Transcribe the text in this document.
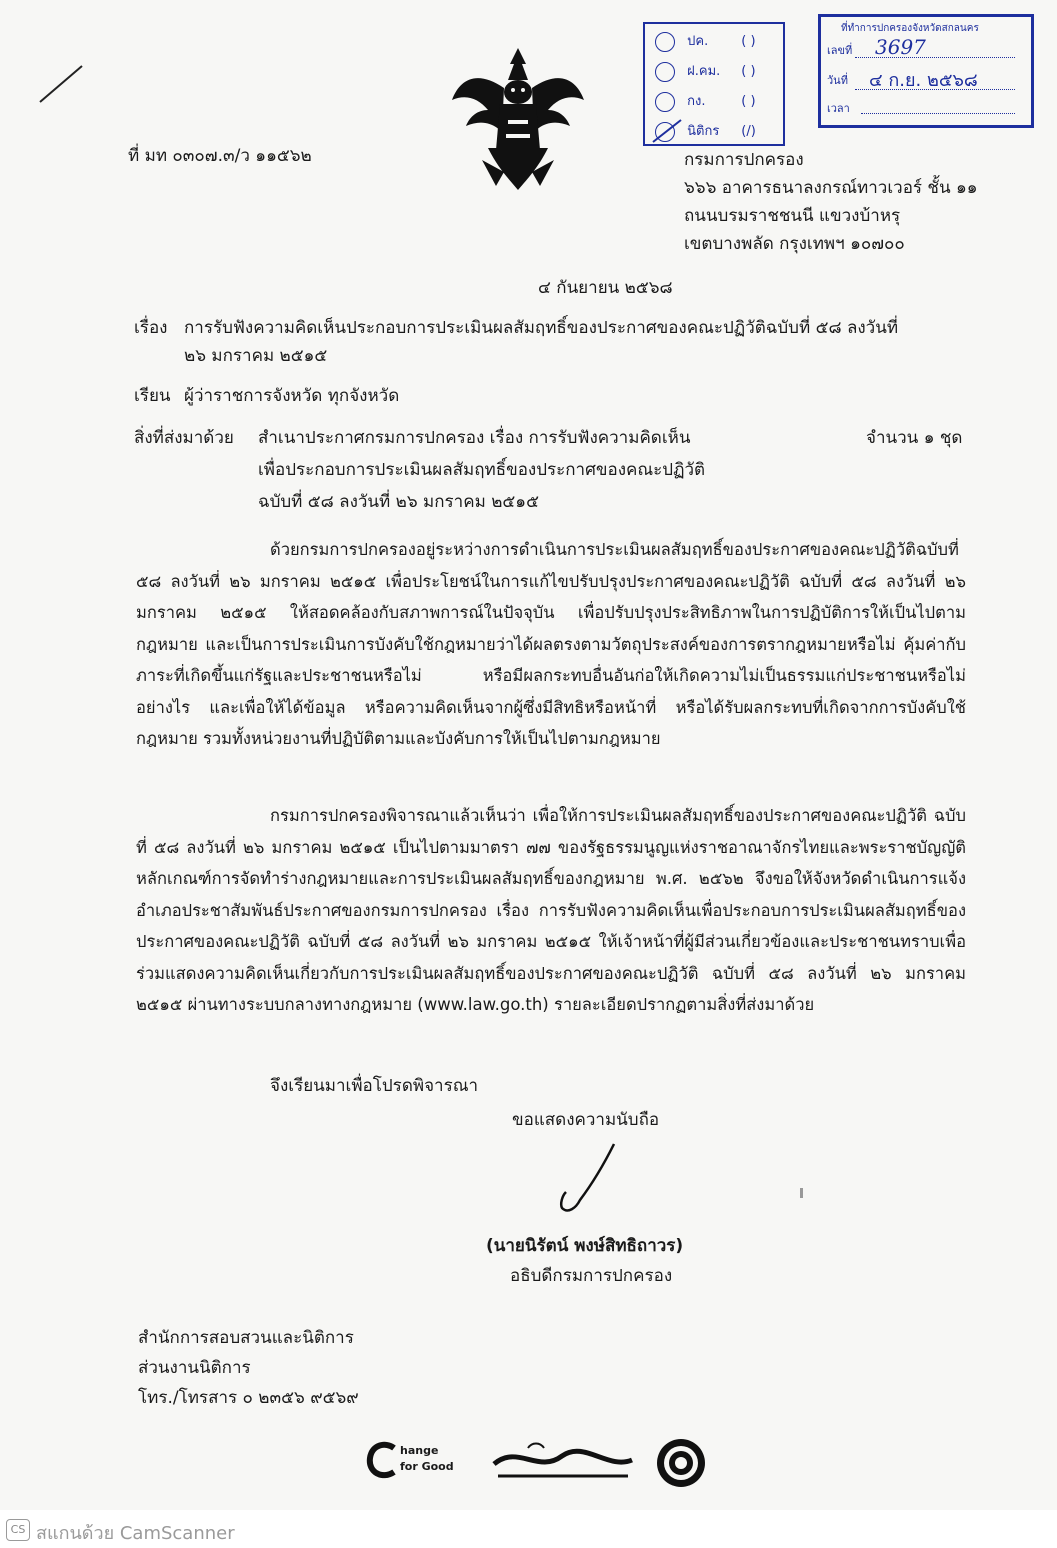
ปค.	( )
ฝ.คม. ( )
กง.	( )
นิติกร (/)
ที่ทำการปกครองจังหวัดสกลนคร
เลขที่ 3697
วันที่ ๔ ก.ย. ๒๕๖๘
เวลา
ที่ มท ๐๓๐๗.๓/ว ๑๑๕๖๒	กรมการปกครอง
๖๖๖ อาคารธนาลงกรณ์ทาวเวอร์ ชั้น ๑๑
ถนนบรมราชชนนี แขวงบ้าหรุ
เขตบางพลัด กรุงเทพฯ ๑๐๗๐๐
๔ กันยายน ๒๕๖๘
เรื่อง การรับฟังความคิดเห็นประกอบการประเมินผลสัมฤทธิ์ของประกาศของคณะปฏิวัติฉบับที่ ๕๘ ลงวันที่
๒๖ มกราคม ๒๕๑๕
เรียน ผู้ว่าราชการจังหวัด ทุกจังหวัด
สิ่งที่ส่งมาด้วย สำเนาประกาศกรมการปกครอง เรื่อง การรับฟังความคิดเห็น
เพื่อประกอบการประเมินผลสัมฤทธิ์ของประกาศของคณะปฏิวัติ
ฉบับที่ ๕๘ ลงวันที่ ๒๖ มกราคม ๒๕๑๕
จำนวน ๑ ชุด

ด้วยกรมการปกครองอยู่ระหว่างการดำเนินการประเมินผลสัมฤทธิ์ของประกาศของคณะปฏิวัติฉบับที่ ๕๘ ลงวันที่ ๒๖ มกราคม ๒๕๑๕ เพื่อประโยชน์ในการแก้ไขปรับปรุงประกาศของคณะปฏิวัติ ฉบับที่ ๕๘ ลงวันที่ ๒๖ มกราคม ๒๕๑๕ ให้สอดคล้องกับสภาพการณ์ในปัจจุบัน เพื่อปรับปรุงประสิทธิภาพในการปฏิบัติการให้เป็นไปตามกฎหมาย และเป็นการประเมินการบังคับใช้กฎหมายว่าได้ผลตรงตามวัตถุประสงค์ของการตรากฎหมายหรือไม่ คุ้มค่ากับภาระที่เกิดขึ้นแก่รัฐและประชาชนหรือไม่ หรือมีผลกระทบอื่นอันก่อให้เกิดความไม่เป็นธรรมแก่ประชาชนหรือไม่ อย่างไร และเพื่อให้ได้ข้อมูล หรือความคิดเห็นจากผู้ซึ่งมีสิทธิหรือหน้าที่ หรือได้รับผลกระทบที่เกิดจากการบังคับใช้กฎหมาย รวมทั้งหน่วยงานที่ปฏิบัติตามและบังคับการให้เป็นไปตามกฎหมาย

กรมการปกครองพิจารณาแล้วเห็นว่า เพื่อให้การประเมินผลสัมฤทธิ์ของประกาศของคณะปฏิวัติ ฉบับที่ ๕๘ ลงวันที่ ๒๖ มกราคม ๒๕๑๕ เป็นไปตามมาตรา ๗๗ ของรัฐธรรมนูญแห่งราชอาณาจักรไทยและพระราชบัญญัติหลักเกณฑ์การจัดทำร่างกฎหมายและการประเมินผลสัมฤทธิ์ของกฎหมาย พ.ศ. ๒๕๖๒ จึงขอให้จังหวัดดำเนินการแจ้งอำเภอประชาสัมพันธ์ประกาศของกรมการปกครอง เรื่อง การรับฟังความคิดเห็นเพื่อประกอบการประเมินผลสัมฤทธิ์ของประกาศของคณะปฏิวัติ ฉบับที่ ๕๘ ลงวันที่ ๒๖ มกราคม ๒๕๑๕ ให้เจ้าหน้าที่ผู้มีส่วนเกี่ยวข้องและประชาชนทราบเพื่อร่วมแสดงความคิดเห็นเกี่ยวกับการประเมินผลสัมฤทธิ์ของประกาศของคณะปฏิวัติ ฉบับที่ ๕๘ ลงวันที่ ๒๖ มกราคม ๒๕๑๕ ผ่านทางระบบกลางทางกฎหมาย (www.law.go.th) รายละเอียดปรากฏตามสิ่งที่ส่งมาด้วย

จึงเรียนมาเพื่อโปรดพิจารณา
ขอแสดงความนับถือ
(นายนิรัตน์ พงษ์สิทธิถาวร)
อธิบดีกรมการปกครอง
สำนักการสอบสวนและนิติการ
ส่วนงานนิติการ
โทร./โทรสาร ๐ ๒๓๕๖ ๙๕๖๙
hange
for Good
CS สแกนด้วย CamScanner
